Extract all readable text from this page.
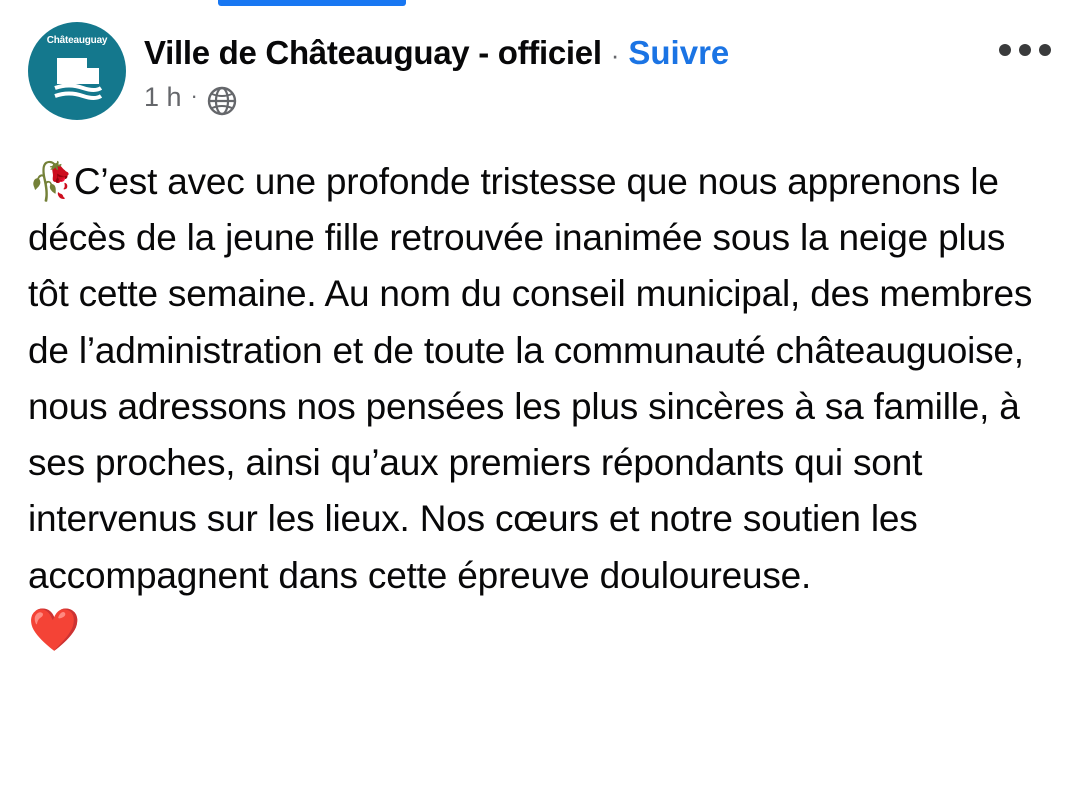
Châteauguay	Ville de Châteauguay - officiel · Suivre
1 h ·
🥀C’est avec une profonde tristesse que nous apprenons le décès de la jeune fille retrouvée inanimée sous la neige plus tôt cette semaine. Au nom du conseil municipal, des membres de l’administration et de toute la communauté châteauguoise, nous adressons nos pensées les plus sincères à sa famille, à ses proches, ainsi qu’aux premiers répondants qui sont intervenus sur les lieux. Nos cœurs et notre soutien les accompagnent dans cette épreuve douloureuse.
❤️
